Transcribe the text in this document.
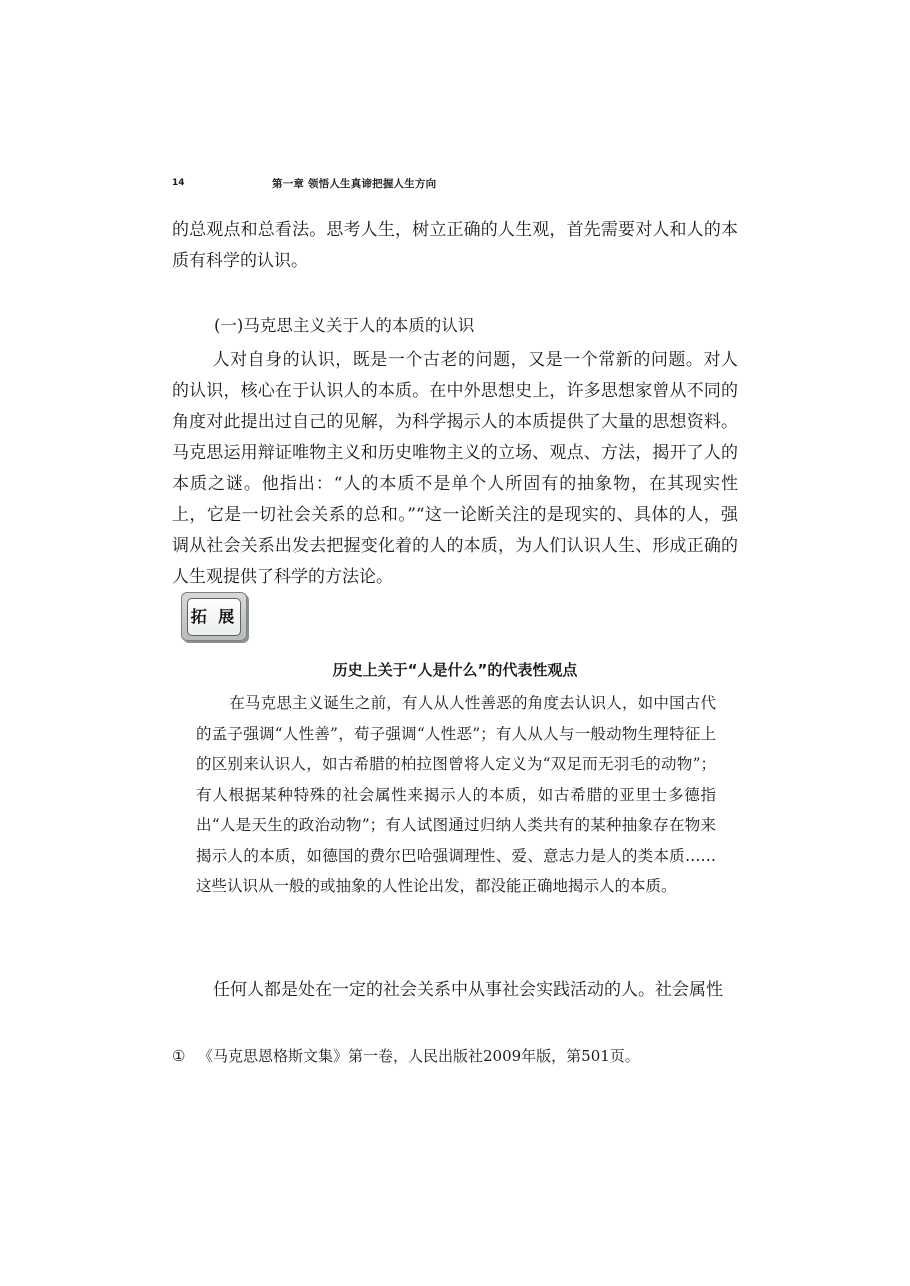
14	第一章 领悟人生真谛把握人生方向
的总观点和总看法。思考人生，树立正确的人生观，首先需要对人和人的本质有科学的认识。
(一)马克思主义关于人的本质的认识
人对自身的认识，既是一个古老的问题，又是一个常新的问题。对人的认识，核心在于认识人的本质。在中外思想史上，许多思想家曾从不同的角度对此提出过自己的见解，为科学揭示人的本质提供了大量的思想资料。马克思运用辩证唯物主义和历史唯物主义的立场、观点、方法，揭开了人的本质之谜。他指出：“人的本质不是单个人所固有的抽象物，在其现实性上，它是一切社会关系的总和。”“这一论断关注的是现实的、具体的人，强调从社会关系出发去把握变化着的人的本质，为人们认识人生、形成正确的人生观提供了科学的方法论。
拓 展
历史上关于“人是什么”的代表性观点
在马克思主义诞生之前，有人从人性善恶的角度去认识人，如中国古代的孟子强调“人性善”，荀子强调“人性恶”；有人从人与一般动物生理特征上的区别来认识人，如古希腊的柏拉图曾将人定义为“双足而无羽毛的动物”；有人根据某种特殊的社会属性来揭示人的本质，如古希腊的亚里士多德指出“人是天生的政治动物”；有人试图通过归纳人类共有的某种抽象存在物来揭示人的本质，如德国的费尔巴哈强调理性、爱、意志力是人的类本质……这些认识从一般的或抽象的人性论出发，都没能正确地揭示人的本质。
任何人都是处在一定的社会关系中从事社会实践活动的人。社会属性
① 《马克思恩格斯文集》第一卷，人民出版社2009年版，第501页。
